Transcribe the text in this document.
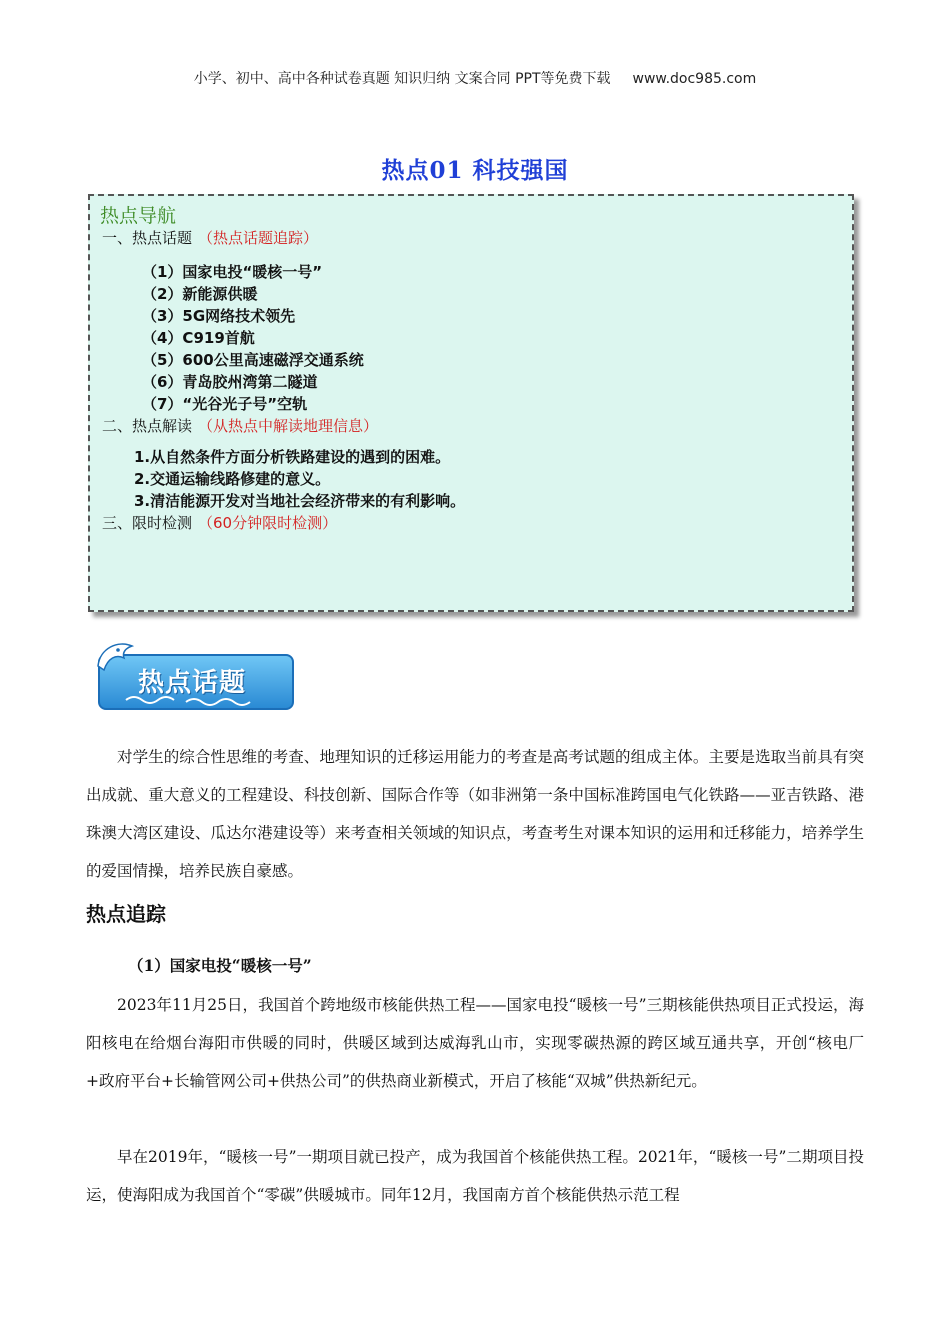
小学、初中、高中各种试卷真题 知识归纳 文案合同 PPT等免费下载 www.doc985.com
热点01 科技强国
热点导航
一、热点话题 （热点话题追踪）
（1）国家电投“暖核一号”
（2）新能源供暖
（3）5G网络技术领先
（4）C919首航
（5）600公里高速磁浮交通系统
（6）青岛胶州湾第二隧道
（7）“光谷光子号”空轨
二、热点解读 （从热点中解读地理信息）
1.从自然条件方面分析铁路建设的遇到的困难。
2.交通运输线路修建的意义。
3.清洁能源开发对当地社会经济带来的有利影响。
三、限时检测 （60分钟限时检测）
热点话题

对学生的综合性思维的考查、地理知识的迁移运用能力的考查是高考试题的组成主体。主要是选取当前具有突出成就、重大意义的工程建设、科技创新、国际合作等（如非洲第一条中国标准跨国电气化铁路——亚吉铁路、港珠澳大湾区建设、瓜达尔港建设等）来考查相关领域的知识点，考查考生对课本知识的运用和迁移能力，培养学生的爱国情操，培养民族自豪感。

热点追踪
（1）国家电投“暖核一号”

2023年11月25日，我国首个跨地级市核能供热工程——国家电投“暖核一号”三期核能供热项目正式投运，海阳核电在给烟台海阳市供暖的同时，供暖区域到达威海乳山市，实现零碳热源的跨区域互通共享，开创“核电厂+政府平台+长输管网公司+供热公司”的供热商业新模式，开启了核能“双城”供热新纪元。

早在2019年，“暖核一号”一期项目就已投产，成为我国首个核能供热工程。2021年，“暖核一号”二期项目投运，使海阳成为我国首个“零碳”供暖城市。同年12月，我国南方首个核能供热示范工程
